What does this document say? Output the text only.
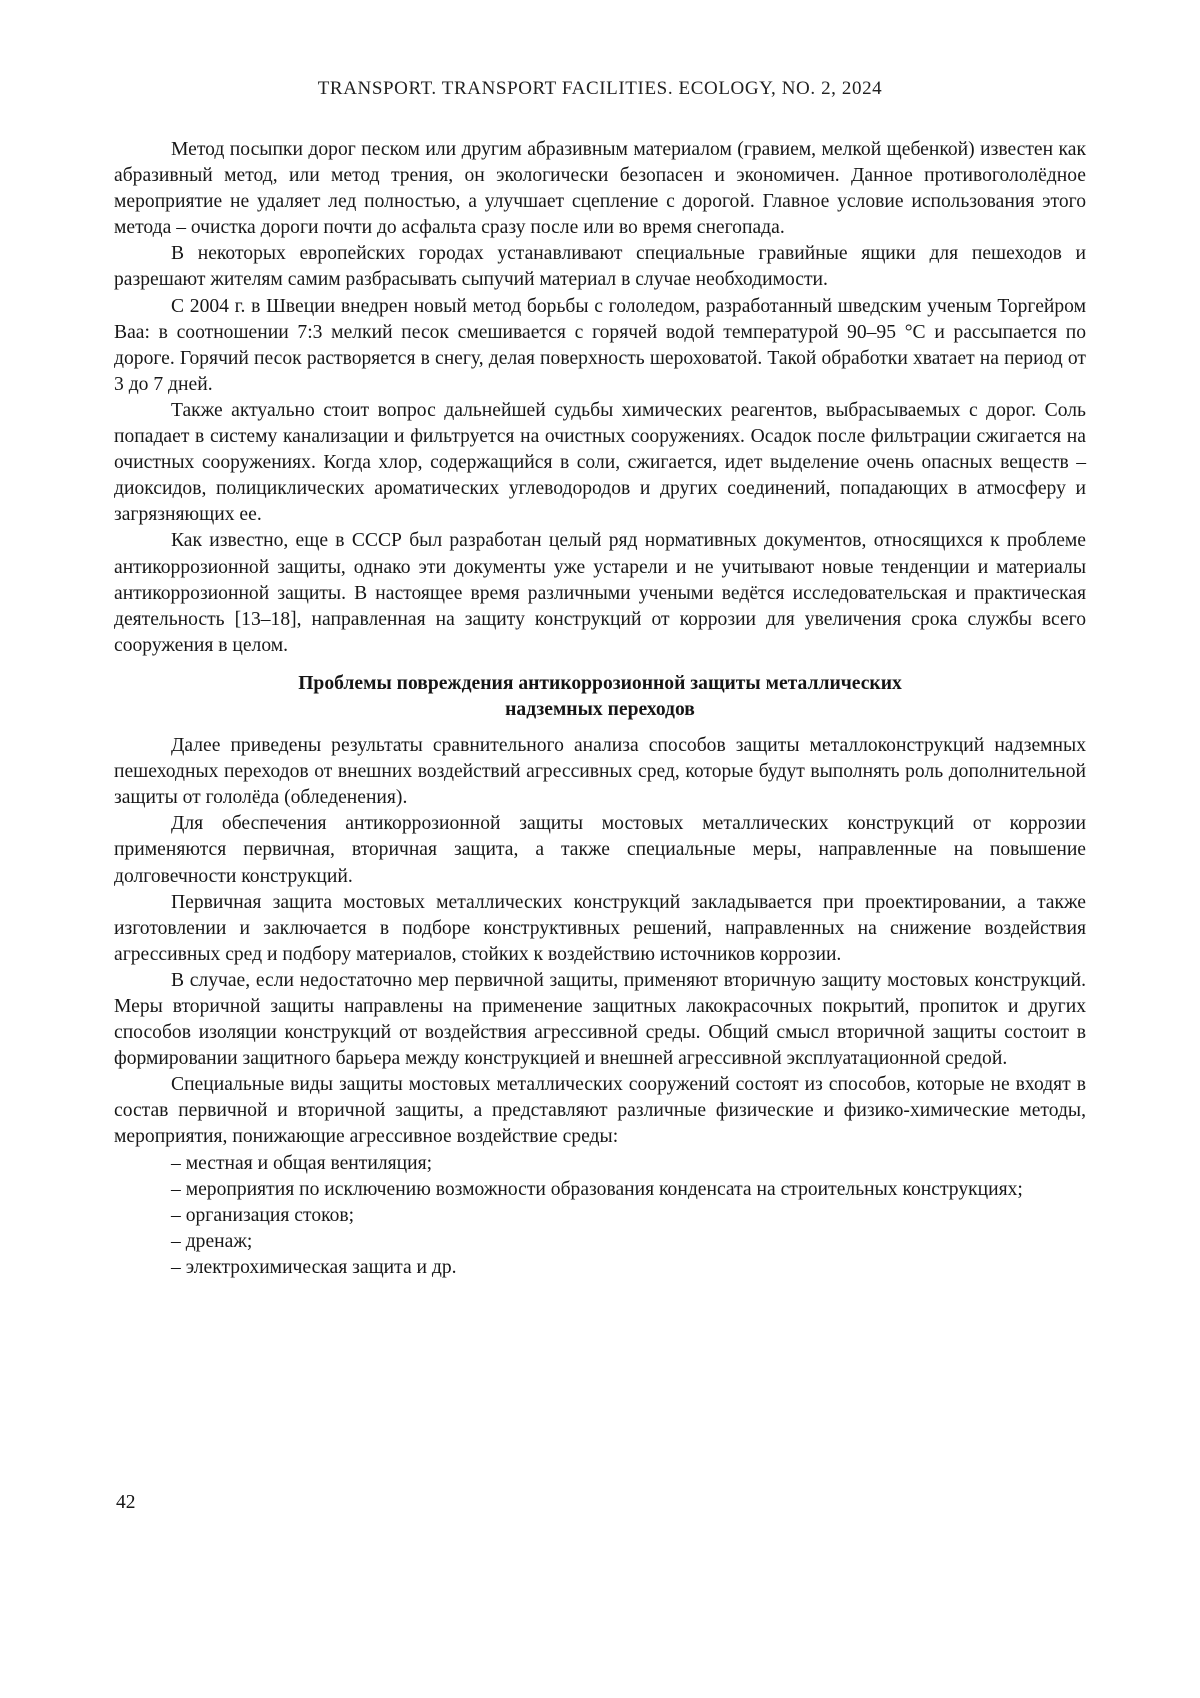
TRANSPORT. TRANSPORT FACILITIES. ECOLOGY, NO. 2, 2024

Метод посыпки дорог песком или другим абразивным материалом (гравием, мелкой щебенкой) известен как абразивный метод, или метод трения, он экологически безопасен и экономичен. Данное противогололёдное мероприятие не удаляет лед полностью, а улучшает сцепление с дорогой. Главное условие использования этого метода – очистка дороги почти до асфальта сразу после или во время снегопада.

В некоторых европейских городах устанавливают специальные гравийные ящики для пешеходов и разрешают жителям самим разбрасывать сыпучий материал в случае необходимости.

С 2004 г. в Швеции внедрен новый метод борьбы с гололедом, разработанный шведским ученым Торгейром Ваа: в соотношении 7:3 мелкий песок смешивается с горячей водой температурой 90–95 °С и рассыпается по дороге. Горячий песок растворяется в снегу, делая поверхность шероховатой. Такой обработки хватает на период от 3 до 7 дней.

Также актуально стоит вопрос дальнейшей судьбы химических реагентов, выбрасываемых с дорог. Соль попадает в систему канализации и фильтруется на очистных сооружениях. Осадок после фильтрации сжигается на очистных сооружениях. Когда хлор, содержащийся в соли, сжигается, идет выделение очень опасных веществ – диоксидов, полициклических ароматических углеводородов и других соединений, попадающих в атмосферу и загрязняющих ее.

Как известно, еще в СССР был разработан целый ряд нормативных документов, относящихся к проблеме антикоррозионной защиты, однако эти документы уже устарели и не учитывают новые тенденции и материалы антикоррозионной защиты. В настоящее время различными учеными ведётся исследовательская и практическая деятельность [13–18], направленная на защиту конструкций от коррозии для увеличения срока службы всего сооружения в целом.

Проблемы повреждения антикоррозионной защиты металлических
надземных переходов

Далее приведены результаты сравнительного анализа способов защиты металлоконструкций надземных пешеходных переходов от внешних воздействий агрессивных сред, которые будут выполнять роль дополнительной защиты от гололёда (обледенения).

Для обеспечения антикоррозионной защиты мостовых металлических конструкций от коррозии применяются первичная, вторичная защита, а также специальные меры, направленные на повышение долговечности конструкций.

Первичная защита мостовых металлических конструкций закладывается при проектировании, а также изготовлении и заключается в подборе конструктивных решений, направленных на снижение воздействия агрессивных сред и подбору материалов, стойких к воздействию источников коррозии.

В случае, если недостаточно мер первичной защиты, применяют вторичную защиту мостовых конструкций. Меры вторичной защиты направлены на применение защитных лакокрасочных покрытий, пропиток и других способов изоляции конструкций от воздействия агрессивной среды. Общий смысл вторичной защиты состоит в формировании защитного барьера между конструкцией и внешней агрессивной эксплуатационной средой.

Специальные виды защиты мостовых металлических сооружений состоят из способов, которые не входят в состав первичной и вторичной защиты, а представляют различные физические и физико-химические методы, мероприятия, понижающие агрессивное воздействие среды:

– местная и общая вентиляция;

– мероприятия по исключению возможности образования конденсата на строительных конструкциях;

– организация стоков;

– дренаж;

– электрохимическая защита и др.

42
